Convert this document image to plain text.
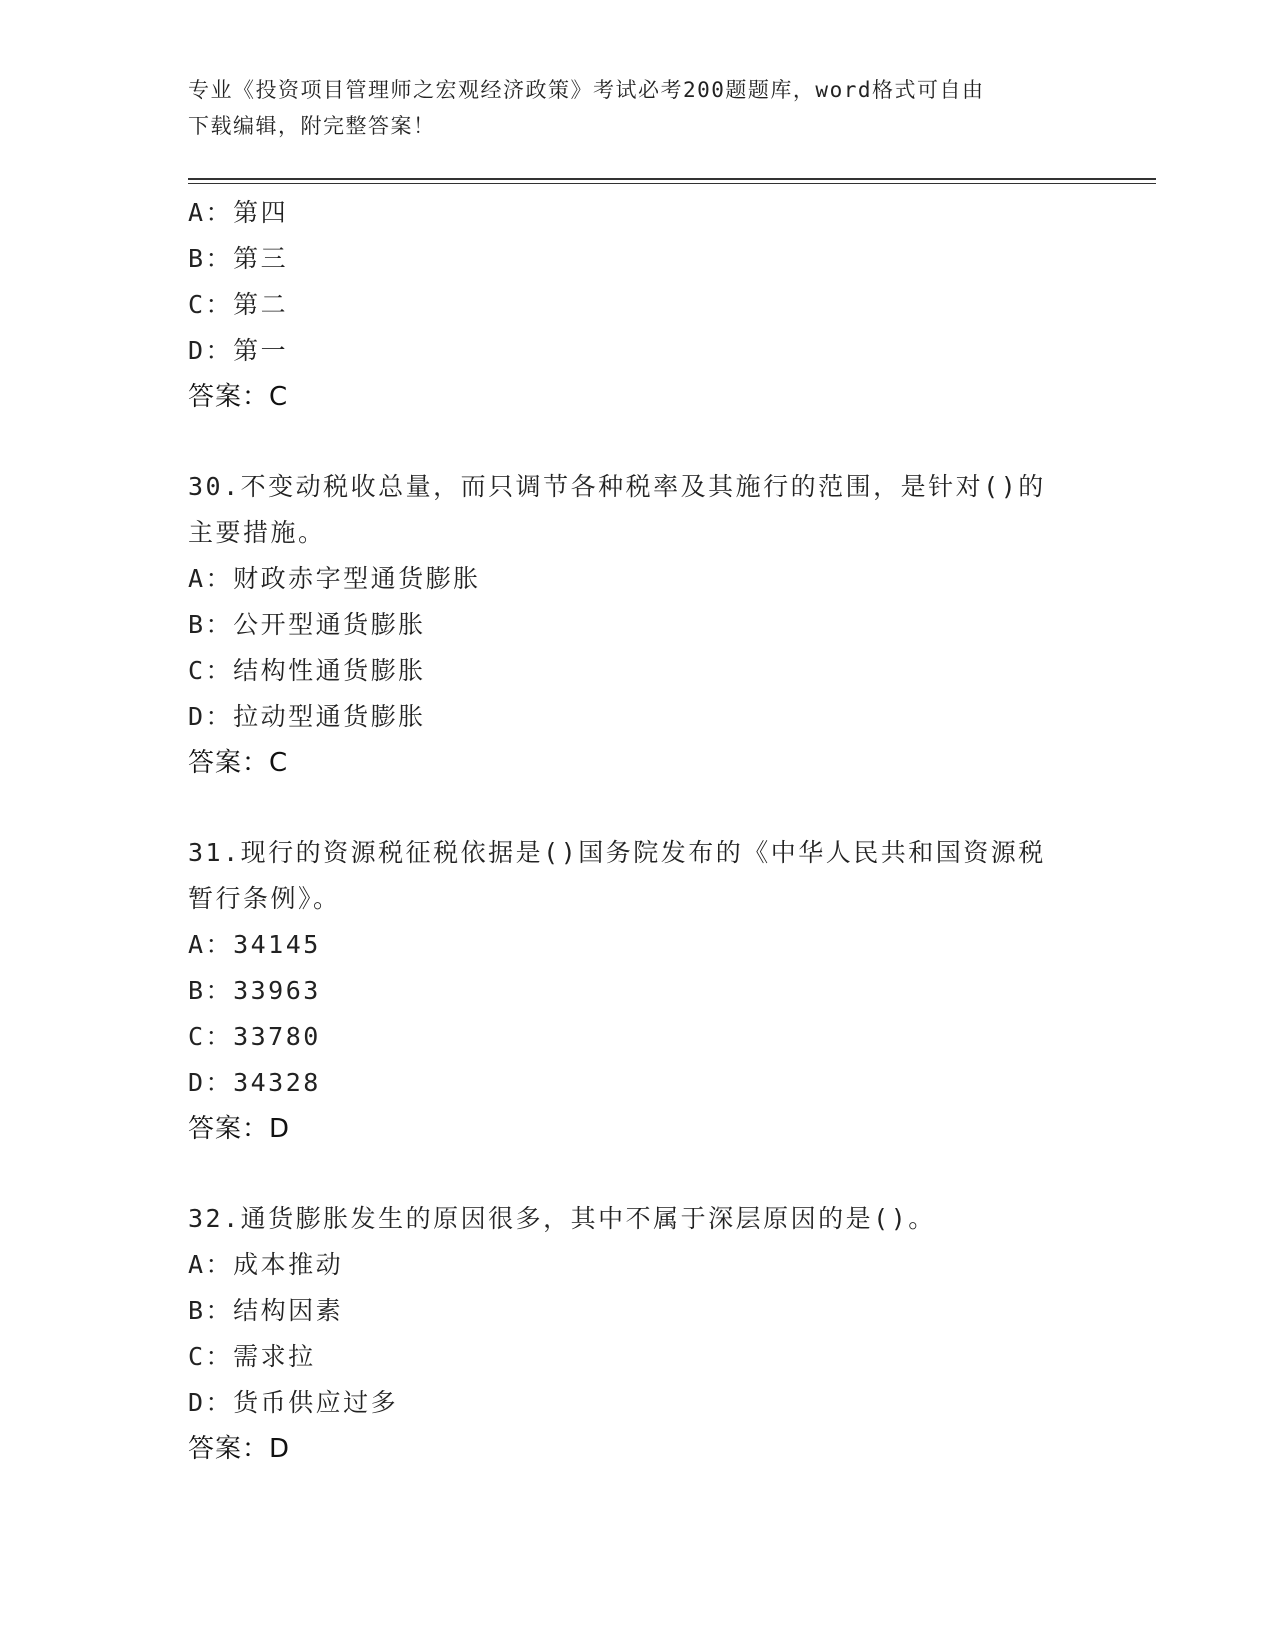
专业《投资项目管理师之宏观经济政策》考试必考200题题库，word格式可自由
下载编辑，附完整答案！
A：第四
B：第三
C：第二
D：第一
答案：C
30.不变动税收总量，而只调节各种税率及其施行的范围，是针对()的
主要措施。
A：财政赤字型通货膨胀
B：公开型通货膨胀
C：结构性通货膨胀
D：拉动型通货膨胀
答案：C
31.现行的资源税征税依据是()国务院发布的《中华人民共和国资源税
暂行条例》。
A：34145
B：33963
C：33780
D：34328
答案：D
32.通货膨胀发生的原因很多，其中不属于深层原因的是()。
A：成本推动
B：结构因素
C：需求拉
D：货币供应过多
答案：D
